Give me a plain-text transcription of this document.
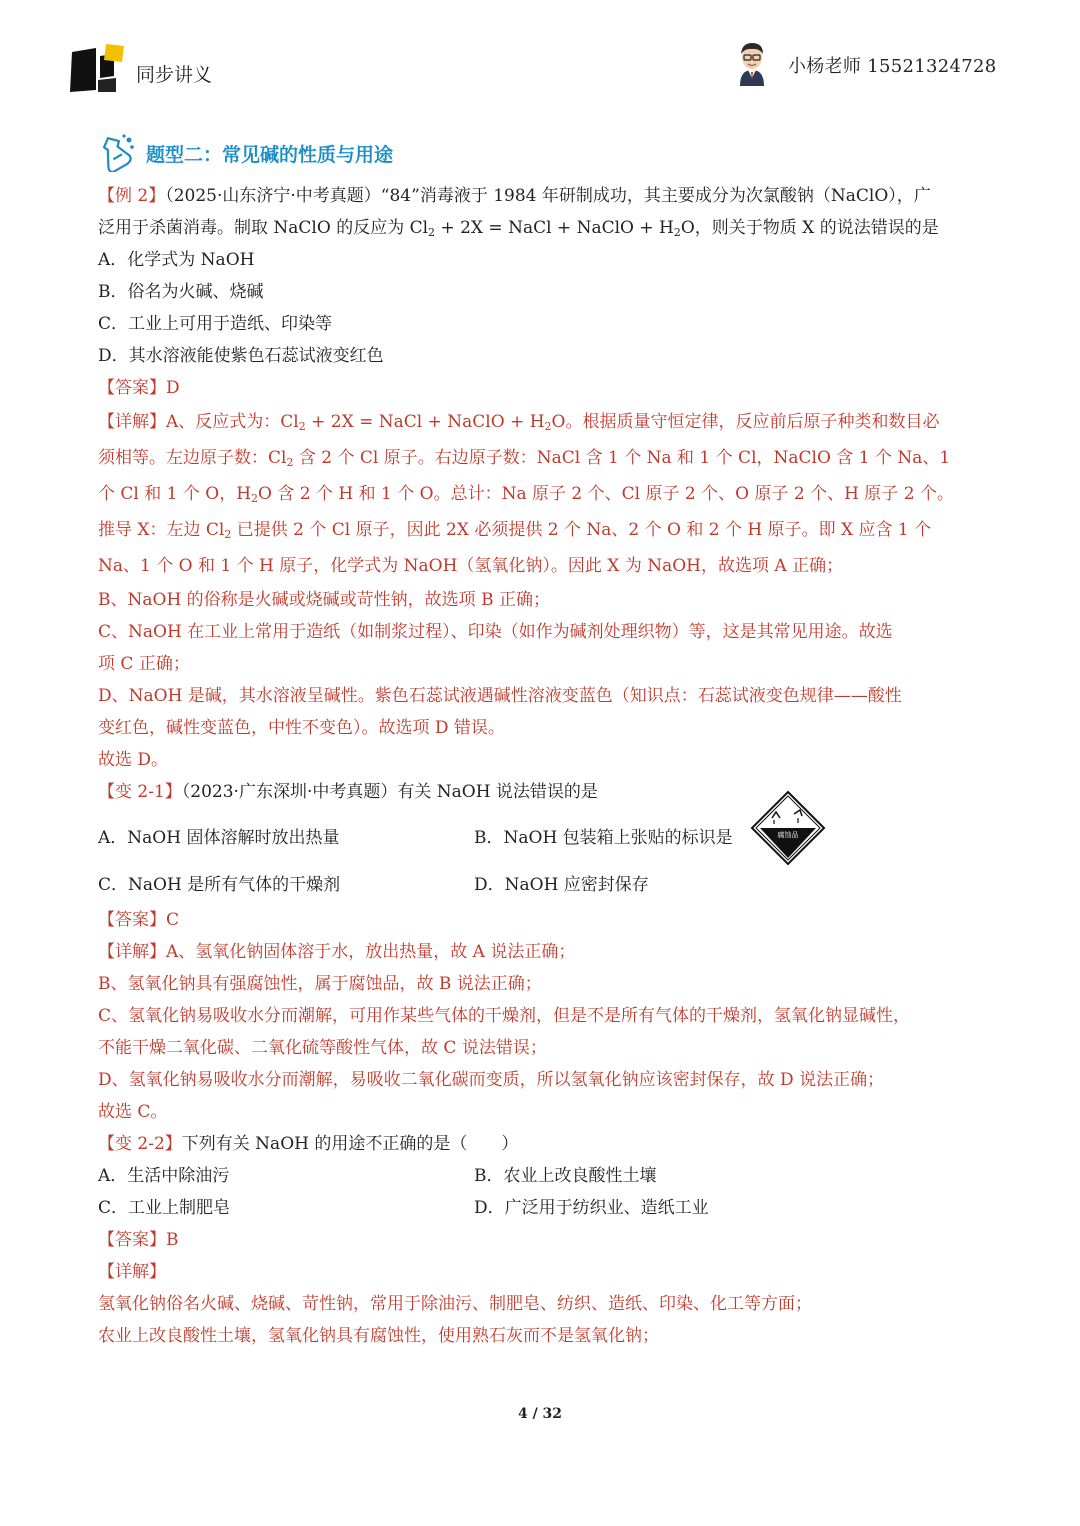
同步讲义	小杨老师 15521324728
题型二：常见碱的性质与用途
【例 2】（2025·山东济宁·中考真题）“84”消毒液于 1984 年研制成功，其主要成分为次氯酸钠（NaClO），广
泛用于杀菌消毒。制取 NaClO 的反应为 $Cl_2 + 2X$ = NaCl + NaClO + $H_2O$，则关于物质 X 的说法错误的是
A．化学式为 NaOH
B．俗名为火碱、烧碱
C．工业上可用于造纸、印染等
D．其水溶液能使紫色石蕊试液变红色
【答案】D
【详解】A、反应式为：$Cl_2 + 2X$ = NaCl + NaClO + $H_2O$。根据质量守恒定律，反应前后原子种类和数目必
须相等。左边原子数：$Cl_2$ 含 2 个 Cl 原子。右边原子数：NaCl 含 1 个 Na 和 1 个 Cl，NaClO 含 1 个 Na、1
个 Cl 和 1 个 O，$H_2O$ 含 2 个 H 和 1 个 O。总计：Na 原子 2 个、Cl 原子 2 个、O 原子 2 个、H 原子 2 个。
推导 X：左边 $Cl_2$ 已提供 2 个 Cl 原子，因此 2X 必须提供 2 个 Na、2 个 O 和 2 个 H 原子。即 X 应含 1 个
Na、1 个 O 和 1 个 H 原子，化学式为 NaOH（氢氧化钠）。因此 X 为 NaOH，故选项 A 正确；
B、NaOH 的俗称是火碱或烧碱或苛性钠，故选项 B 正确；
C、NaOH 在工业上常用于造纸（如制浆过程）、印染（如作为碱剂处理织物）等，这是其常见用途。故选
项 C 正确；
D、NaOH 是碱，其水溶液呈碱性。紫色石蕊试液遇碱性溶液变蓝色（知识点：石蕊试液变色规律——酸性
变红色，碱性变蓝色，中性不变色）。故选项 D 错误。
故选 D。
【变 2-1】（2023·广东深圳·中考真题）有关 NaOH 说法错误的是
A．NaOH 固体溶解时放出热量	B．NaOH 包装箱上张贴的标识是	腐蚀品
C．NaOH 是所有气体的干燥剂	D．NaOH 应密封保存
【答案】C
【详解】A、氢氧化钠固体溶于水，放出热量，故 A 说法正确；
B、氢氧化钠具有强腐蚀性，属于腐蚀品，故 B 说法正确；
C、氢氧化钠易吸收水分而潮解，可用作某些气体的干燥剂，但是不是所有气体的干燥剂，氢氧化钠显碱性，
不能干燥二氧化碳、二氧化硫等酸性气体，故 C 说法错误；
D、氢氧化钠易吸收水分而潮解，易吸收二氧化碳而变质，所以氢氧化钠应该密封保存，故 D 说法正确；
故选 C。
【变 2-2】下列有关 NaOH 的用途不正确的是（　　）
A．生活中除油污	B．农业上改良酸性土壤
C．工业上制肥皂	D．广泛用于纺织业、造纸工业
【答案】B
【详解】
氢氧化钠俗名火碱、烧碱、苛性钠，常用于除油污、制肥皂、纺织、造纸、印染、化工等方面；
农业上改良酸性土壤，氢氧化钠具有腐蚀性，使用熟石灰而不是氢氧化钠；
4 / 32
